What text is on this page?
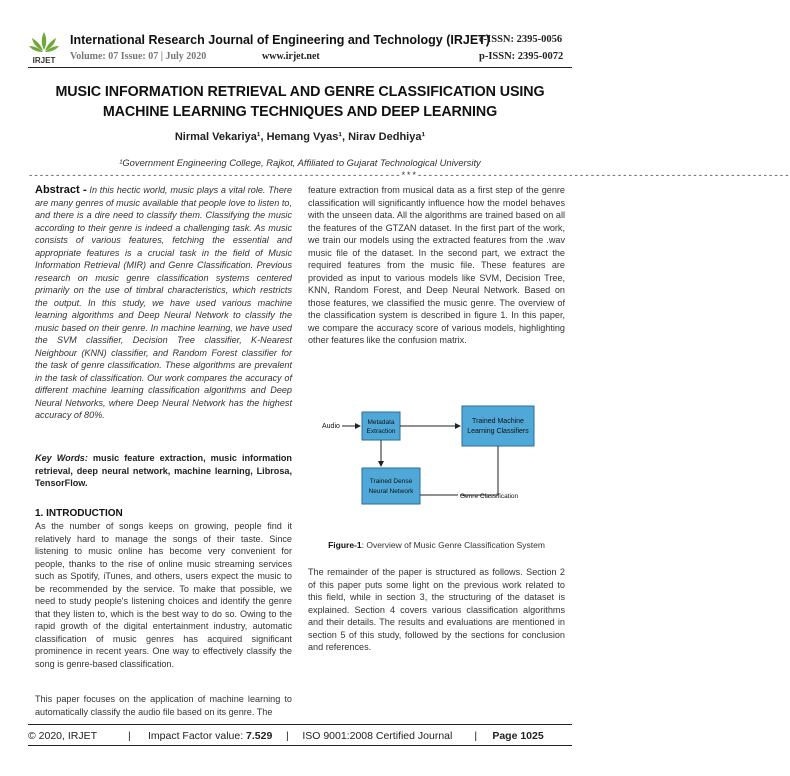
IRJET
International Research Journal of Engineering and Technology (IRJET)
e-ISSN: 2395-0056
Volume: 07 Issue: 07 | July 2020	www.irjet.net	p-ISSN: 2395-0072
MUSIC INFORMATION RETRIEVAL AND GENRE CLASSIFICATION USING MACHINE LEARNING TECHNIQUES AND DEEP LEARNING
Nirmal Vekariya¹, Hemang Vyas¹, Nirav Dedhiya¹
¹Government Engineering College, Rajkot, Affiliated to Gujarat Technological University
---------------------------------------------------------------------***---------------------------------------------------------------------
Abstract - In this hectic world, music plays a vital role. There are many genres of music available that people love to listen to, and there is a dire need to classify them. Classifying the music according to their genre is indeed a challenging task. As music consists of various features, fetching the essential and appropriate features is a crucial task in the field of Music Information Retrieval (MIR) and Genre Classification. Previous research on music genre classification systems centered primarily on the use of timbral characteristics, which restricts the output. In this study, we have used various machine learning algorithms and Deep Neural Network to classify the music based on their genre. In machine learning, we have used the SVM classifier, Decision Tree classifier, K-Nearest Neighbour (KNN) classifier, and Random Forest classifier for the task of genre classification. These algorithms are prevalent in the task of classification. Our work compares the accuracy of different machine learning classification algorithms and Deep Neural Networks, where Deep Neural Network has the highest accuracy of 80%.
Key Words: music feature extraction, music information retrieval, deep neural network, machine learning, Librosa, TensorFlow.
1. INTRODUCTION
As the number of songs keeps on growing, people find it relatively hard to manage the songs of their taste. Since listening to music online has become very convenient for people, thanks to the rise of online music streaming services such as Spotify, iTunes, and others, users expect the music to be recommended by the service. To make that possible, we need to study people's listening choices and identify the genre that they listen to, which is the best way to do so. Owing to the rapid growth of the digital entertainment industry, automatic classification of music genres has acquired significant prominence in recent years. One way to effectively classify the song is genre-based classification.
This paper focuses on the application of machine learning to automatically classify the audio file based on its genre. The
feature extraction from musical data as a first step of the genre classification will significantly influence how the model behaves with the unseen data. All the algorithms are trained based on all the features of the GTZAN dataset. In the first part of the work, we train our models using the extracted features from the .wav music file of the dataset. In the second part, we extract the required features from the music file. These features are provided as input to various models like SVM, Decision Tree, KNN, Random Forest, and Deep Neural Network. Based on those features, we classified the music genre. The overview of the classification system is described in figure 1. In this paper, we compare the accuracy score of various models, highlighting other features like the confusion matrix.
Audio
Metadata
Extraction
Trained Machine
Learning Classifiers
Trained Dense
Neural Network
Genre Classification
Figure-1: Overview of Music Genre Classification System
The remainder of the paper is structured as follows. Section 2 of this paper puts some light on the previous work related to this field, while in section 3, the structuring of the dataset is explained. Section 4 covers various classification algorithms and their details. The results and evaluations are mentioned in section 5 of this study, followed by the sections for conclusion and references.
© 2020, IRJET	| Impact Factor value: 7.529 | ISO 9001:2008 Certified Journal | Page 1025
